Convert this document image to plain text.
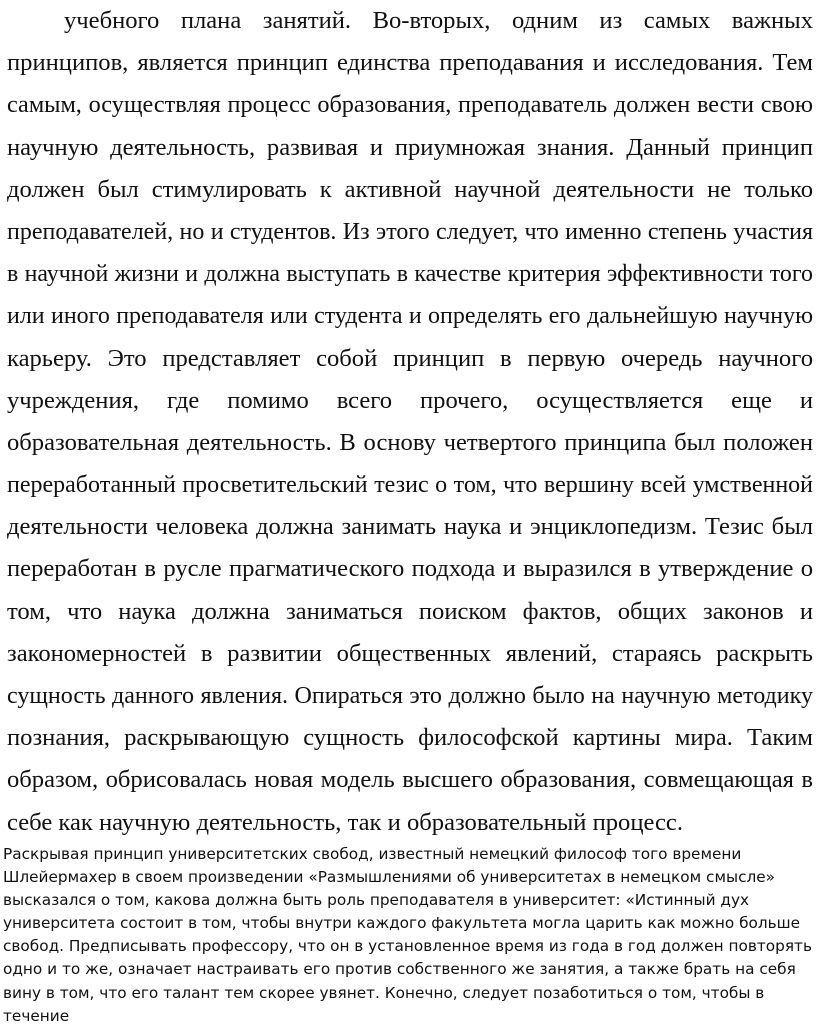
учебного плана занятий. Во-вторых, одним из самых важных
принципов, является принцип единства преподавания и исследования. Тем
самым, осуществляя процесс образования, преподаватель должен вести свою
научную деятельность, развивая и приумножая знания. Данный принцип
должен был стимулировать к активной научной деятельности не только
преподавателей, но и студентов. Из этого следует, что именно степень участия
в научной жизни и должна выступать в качестве критерия эффективности того
или иного преподавателя или студента и определять его дальнейшую научную
карьеру. Это представляет собой принцип в первую очередь научного
учреждения, где помимо всего прочего, осуществляется еще и
образовательная деятельность. В основу четвертого принципа был положен
переработанный просветительский тезис о том, что вершину всей умственной
деятельности человека должна занимать наука и энциклопедизм. Тезис был
переработан в русле прагматического подхода и выразился в утверждение о
том, что наука должна заниматься поиском фактов, общих законов и
закономерностей в развитии общественных явлений, стараясь раскрыть
сущность данного явления. Опираться это должно было на научную методику
познания, раскрывающую сущность философской картины мира. Таким
образом, обрисовалась новая модель высшего образования, совмещающая в
себе как научную деятельность, так и образовательный процесс.
Раскрывая принцип университетских свобод, известный немецкий философ того времени
Шлейермахер в своем произведении «Размышлениями об университетах в немецком смысле»
высказался о том, какова должна быть роль преподавателя в университет: «Истинный дух
университета состоит в том, чтобы внутри каждого факультета могла царить как можно больше
свобод. Предписывать профессору, что он в установленное время из года в год должен повторять
одно и то же, означает настраивать его против собственного же занятия, а также брать на себя
вину в том, что его талант тем скорее увянет. Конечно, следует позаботиться о том, чтобы в
течение
